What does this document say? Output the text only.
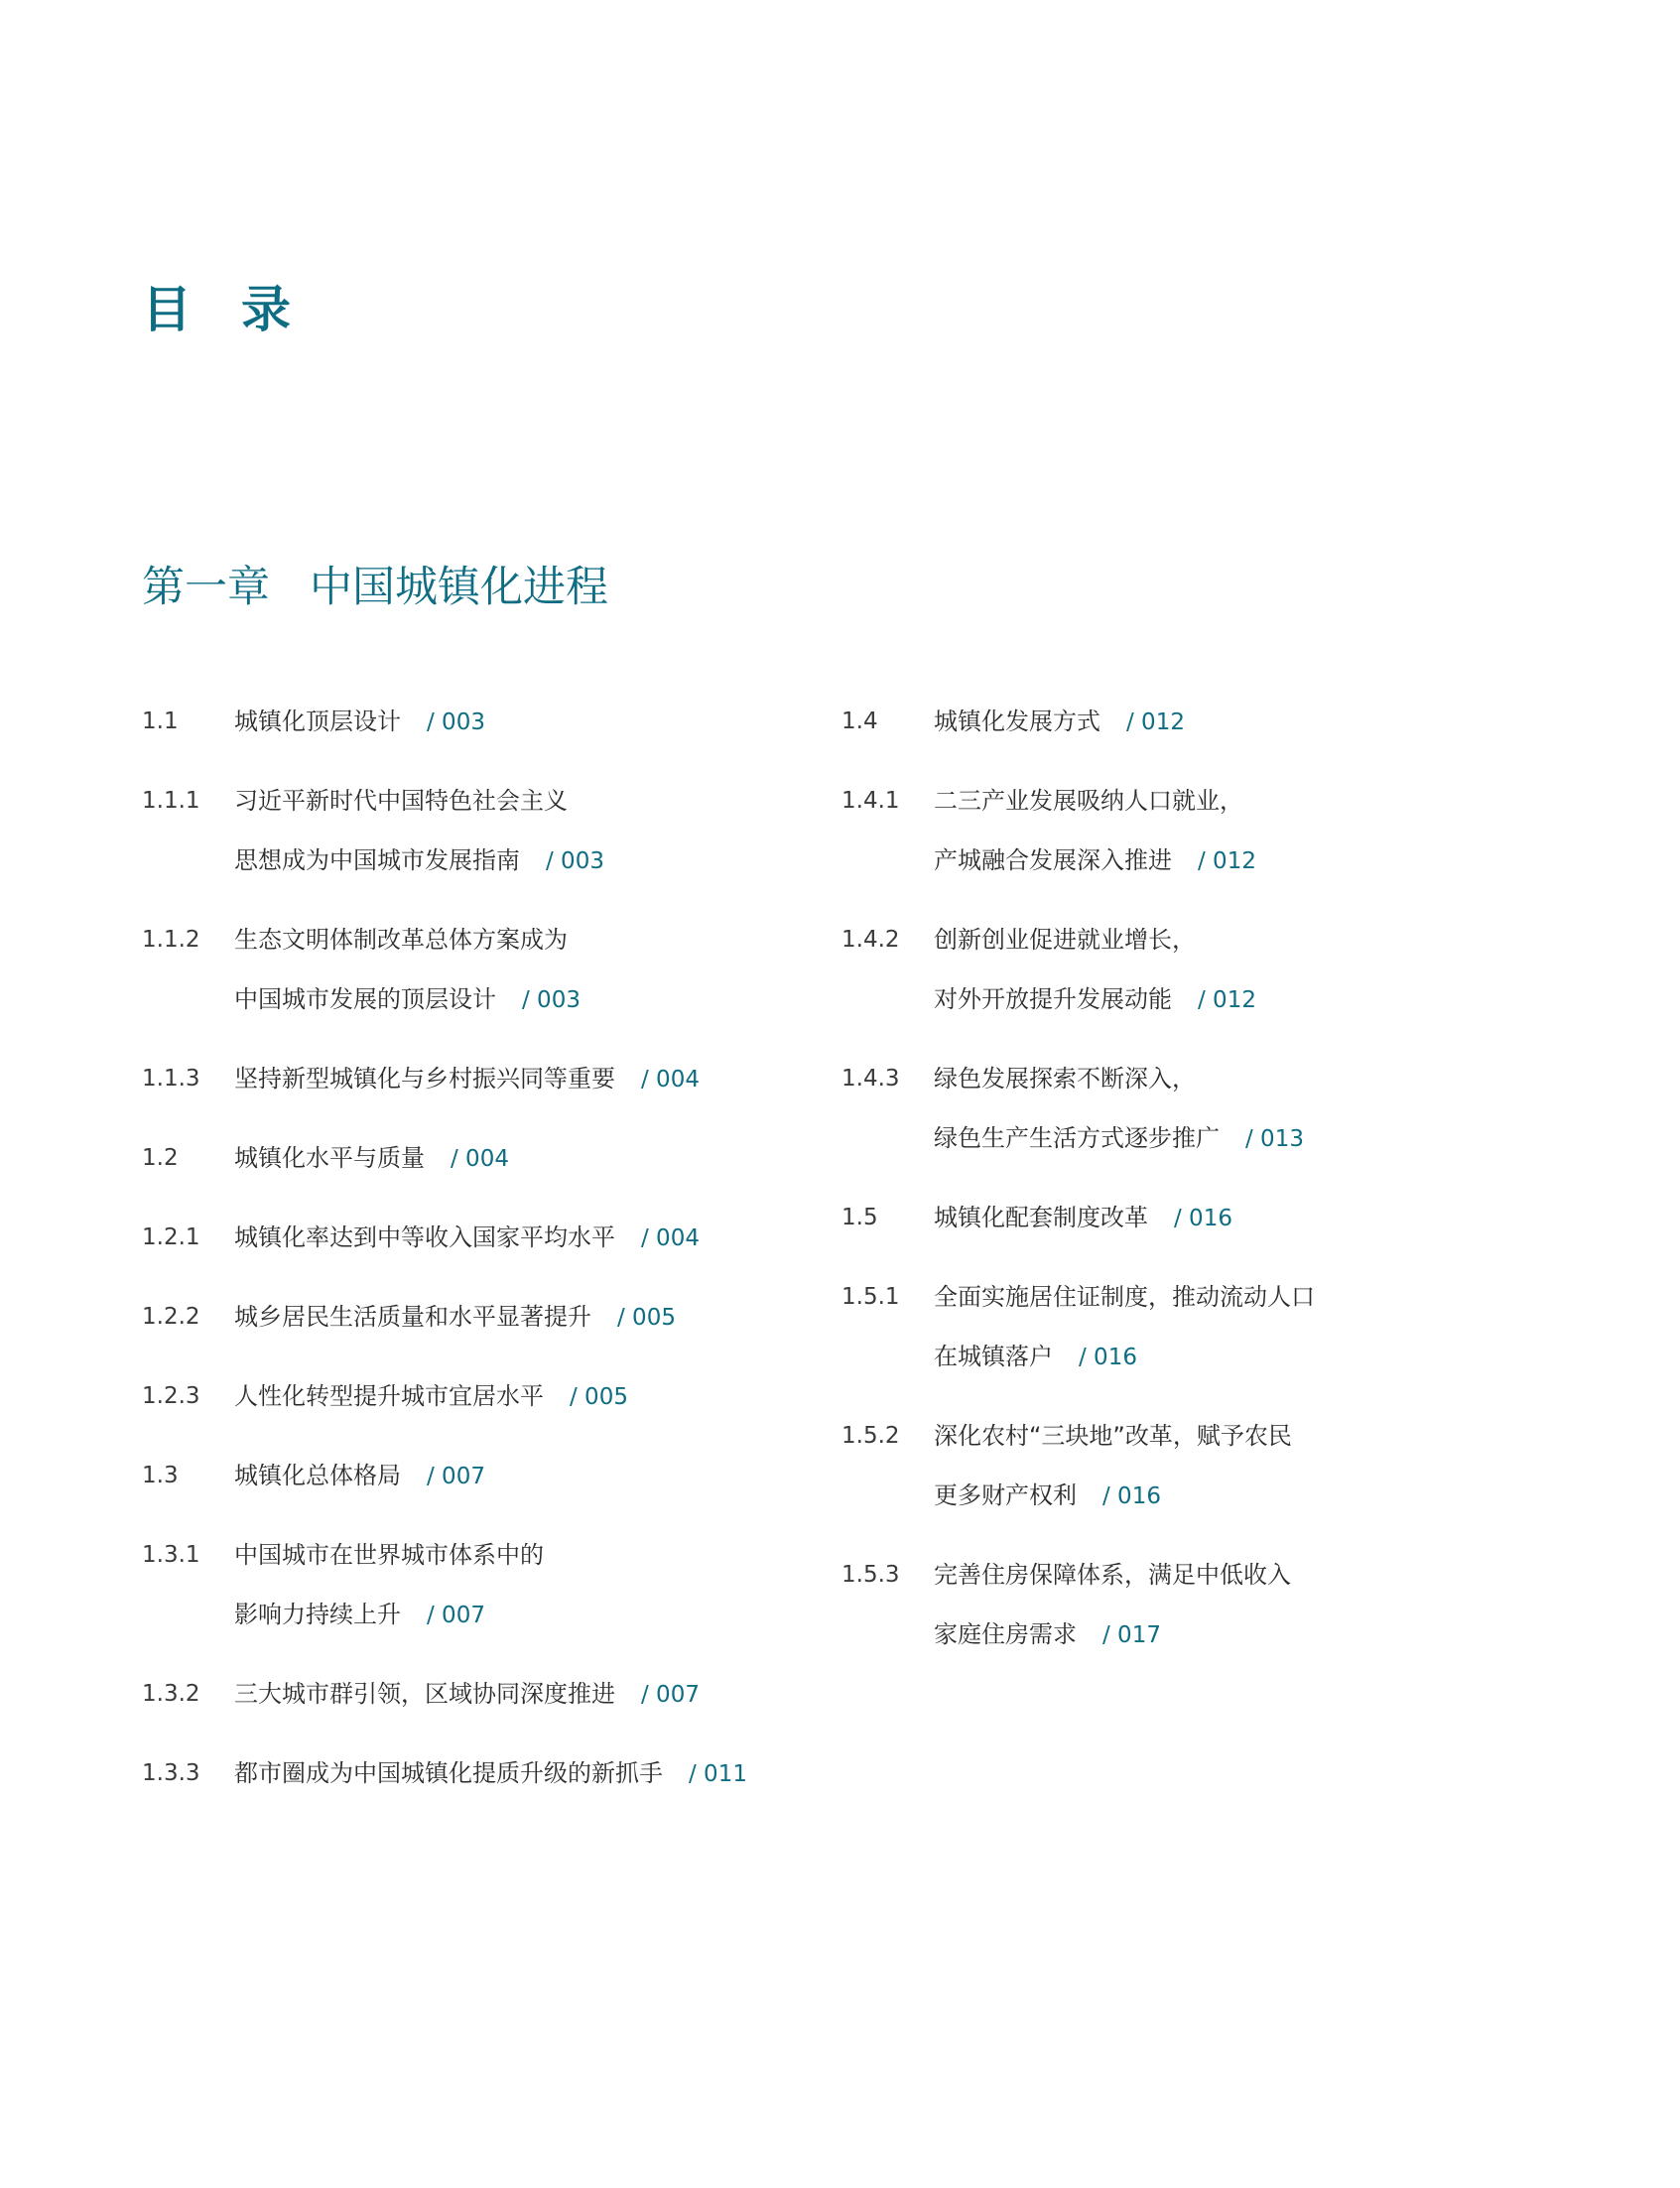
目 录
第一章 中国城镇化进程
1.1	城镇化顶层设计 / 003
1.1.1	习近平新时代中国特色社会主义
思想成为中国城市发展指南 / 003
1.1.2	生态文明体制改革总体方案成为
中国城市发展的顶层设计 / 003
1.1.3	坚持新型城镇化与乡村振兴同等重要 / 004
1.2	城镇化水平与质量 / 004
1.2.1	城镇化率达到中等收入国家平均水平 / 004
1.2.2	城乡居民生活质量和水平显著提升 / 005
1.2.3	人性化转型提升城市宜居水平 / 005
1.3	城镇化总体格局 / 007
1.3.1	中国城市在世界城市体系中的
影响力持续上升 / 007
1.3.2	三大城市群引领，区域协同深度推进 / 007
1.3.3	都市圈成为中国城镇化提质升级的新抓手 / 011
1.4	城镇化发展方式 / 012
1.4.1	二三产业发展吸纳人口就业，
产城融合发展深入推进 / 012
1.4.2	创新创业促进就业增长，
对外开放提升发展动能 / 012
1.4.3	绿色发展探索不断深入，
绿色生产生活方式逐步推广 / 013
1.5	城镇化配套制度改革 / 016
1.5.1	全面实施居住证制度，推动流动人口
在城镇落户 / 016
1.5.2	深化农村“三块地”改革，赋予农民
更多财产权利 / 016
1.5.3	完善住房保障体系，满足中低收入
家庭住房需求 / 017
